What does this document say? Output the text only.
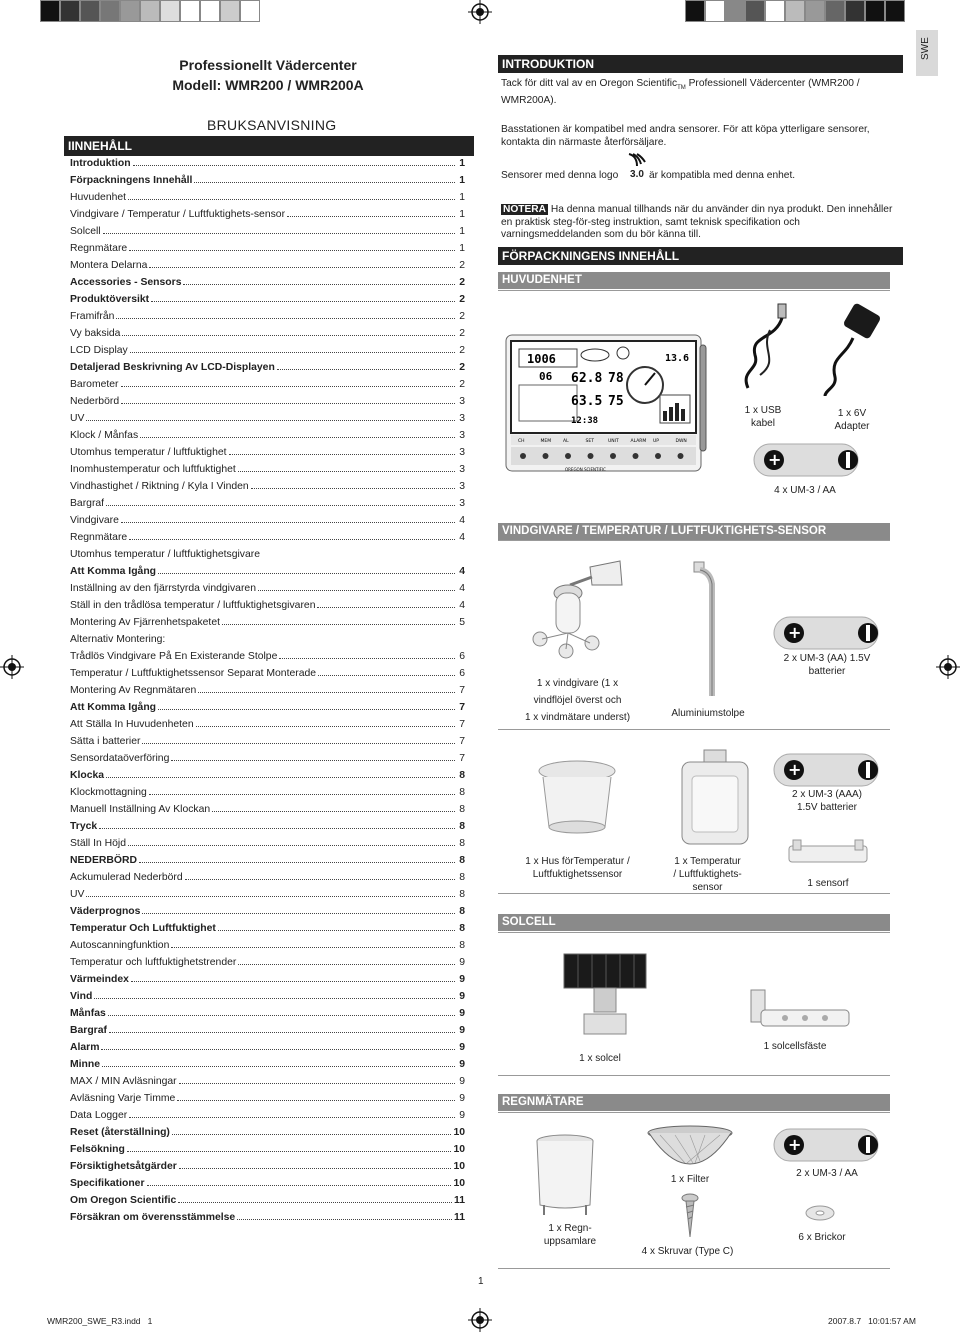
Professionellt Vädercenter
Modell: WMR200 / WMR200A
BRUKSANVISNING
SWE
IINNEHÅLL
Introduktion	1
Förpackningens Innehåll	1
Huvudenhet	1
Vindgivare / Temperatur / Luftfuktighets-sensor	1
Solcell	1
Regnmätare	1
Montera Delarna	2
Accessories - Sensors	2
Produktöversikt	2
Framifrån	2
Vy baksida	2
LCD Display	2
Detaljerad Beskrivning Av LCD-Displayen	2
Barometer	2
Nederbörd	3
UV	3
Klock / Månfas	3
Utomhus temperatur / luftfuktighet	3
Inomhustemperatur och luftfuktighet	3
Vindhastighet / Riktning / Kyla I Vinden	3
Bargraf	3
Vindgivare	4
Regnmätare	4
Utomhus temperatur / luftfuktighetsgivare
Att Komma Igång	4
Inställning av den fjärrstyrda vindgivaren	4
Ställ in den trådlösa temperatur / luftfuktighetsgivaren	4
Montering Av Fjärrenhetspaketet	5
Alternativ Montering:
Trådlös Vindgivare På En Existerande Stolpe	6
Temperatur / Luftfuktighetssensor Separat Monterade	6
Montering Av Regnmätaren	7
Att Komma Igång	7
Att Ställa In Huvudenheten	7
Sätta i batterier	7
Sensordataöverföring	7
Klocka	8
Klockmottagning	8
Manuell Inställning Av Klockan	8
Tryck	8
Ställ In Höjd	8
NEDERBÖRD	8
Ackumulerad Nederbörd	8
UV	8
Väderprognos	8
Temperatur Och Luftfuktighet	8
Autoscanningfunktion	8
Temperatur och luftfuktighetstrender	9
Värmeindex	9
Vind	9
Månfas	9
Bargraf	9
Alarm	9
Minne	9
MAX / MIN Avläsningar	9
Avläsning Varje Timme	9
Data Logger	9
Reset (återställning)	10
Felsökning	10
Försiktighetsåtgärder	10
Specifikationer	10
Om Oregon Scientific	11
Försäkran om överensstämmelse	11
INTRODUKTION
Tack för ditt val av en Oregon Scientific$_{TM}$ Professionell Vädercenter (WMR200 / WMR200A).
Basstationen är kompatibel med andra sensorer. För att köpa ytterligare sensorer, kontakta din närmaste återförsäljare.
Sensorer med denna logo	3.0 är kompatibla med denna enhet.
NOTERA Ha denna manual tillhands när du använder din nya produkt. Den innehåller en praktisk steg-för-steg instruktion, samt teknisk specifikation och varningsmeddelanden som du bör känna till.
FÖRPACKNINGENS INNEHÅLL
HUVUDENHET
1006
06 62.8 78
63.5 75
12:38
13.6
CH	MEM	AL	SET	UNIT	ALARM UP	DWN
OREGON SCIENTIFIC
1 x USB
kabel
1 x 6V
Adapter
+
4 x UM-3 / AA
VINDGIVARE / TEMPERATUR / LUFTFUKTIGHETS-SENSOR
1 x vindgivare (1 x
vindflöjel överst och
1 x vindmätare underst)	Aluminiumstolpe
+
2 x UM-3 (AA) 1.5V
batterier
1 x Hus förTemperatur /
Luftfuktighetssensor
1 x Temperatur
/ Luftfuktighets-
sensor
+
2 x UM-3 (AAA)
1.5V batterier
1 sensorf
SOLCELL
1 x solcel
1 solcellsfäste
REGNMÄTARE
1 x Regn-
uppsamlare
1 x Filter
4 x Skruvar (Type C)
+
2 x UM-3 / AA
6 x Brickor
1
WMR200_SWE_R3.indd   1	2007.8.7   10:01:57 AM
